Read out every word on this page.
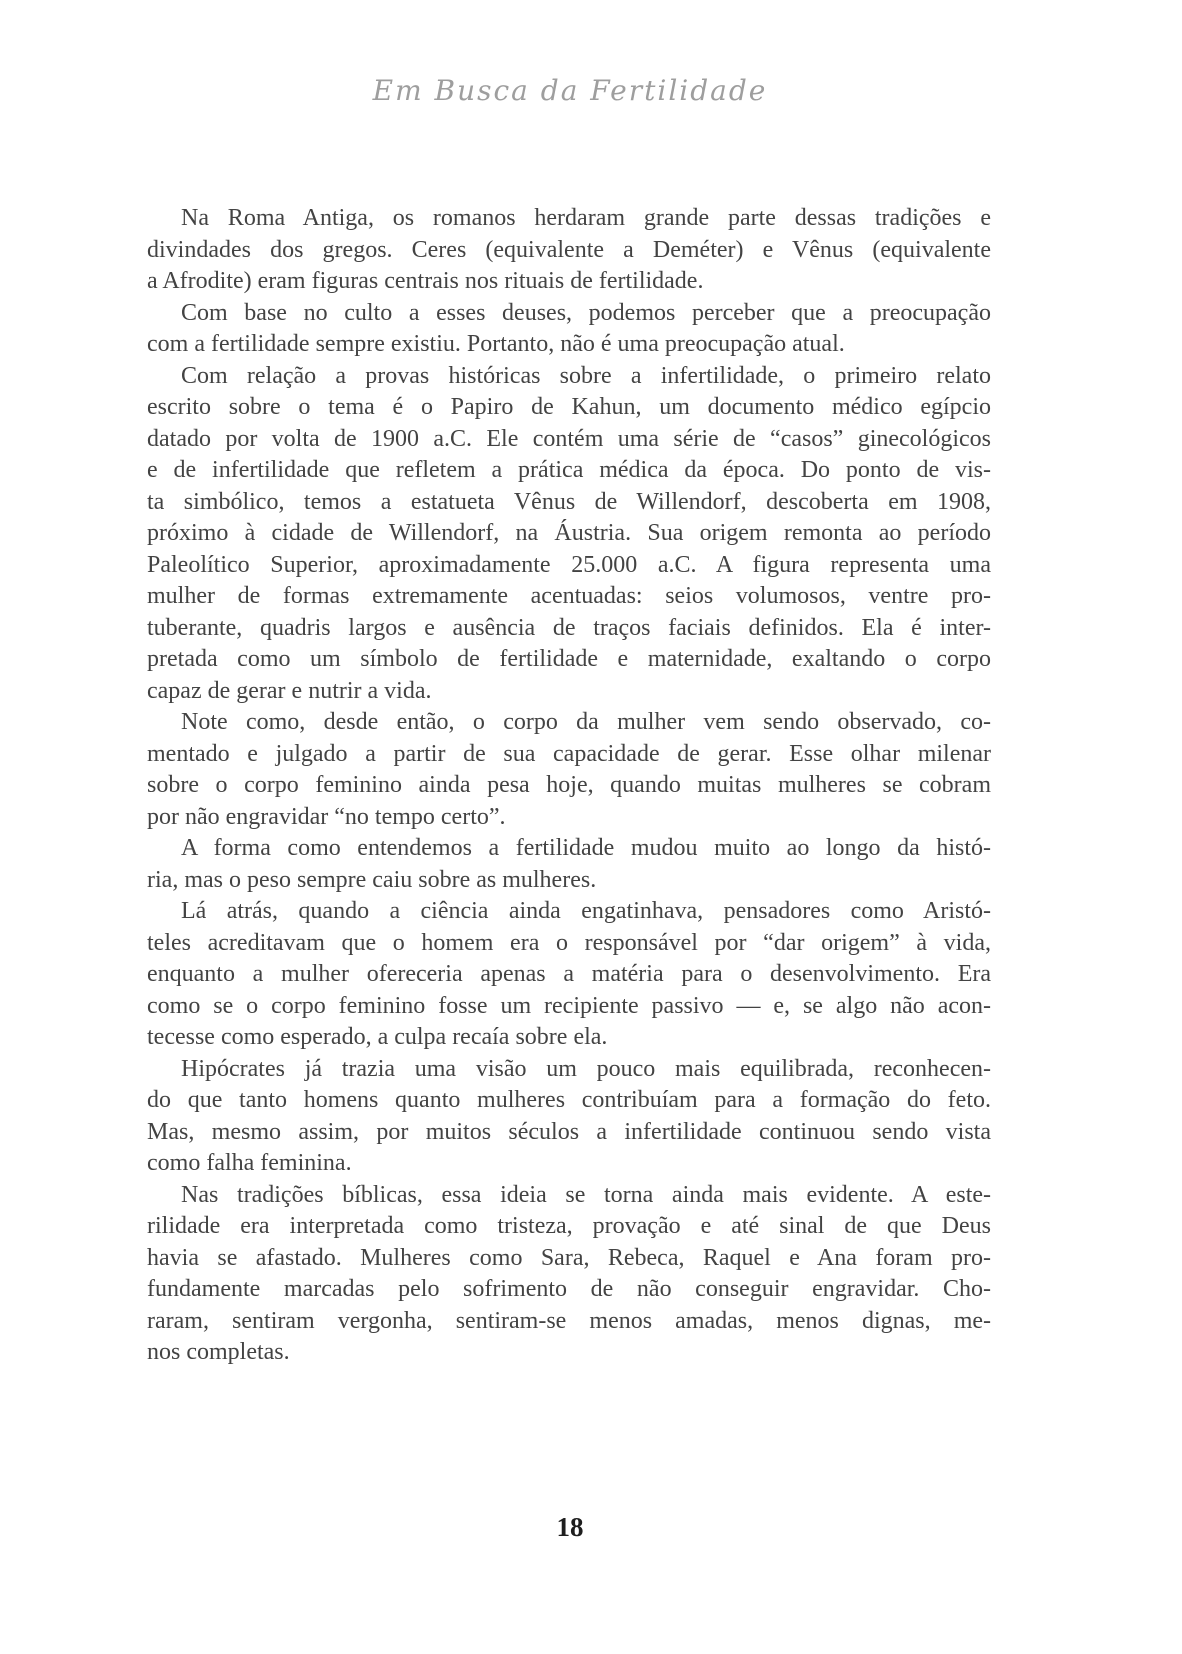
Em Busca da Fertilidade
Na Roma Antiga, os romanos herdaram grande parte dessas tradições e
divindades dos gregos. Ceres (equivalente a Deméter) e Vênus (equivalente
a Afrodite) eram figuras centrais nos rituais de fertilidade.
Com base no culto a esses deuses, podemos perceber que a preocupação
com a fertilidade sempre existiu. Portanto, não é uma preocupação atual.
Com relação a provas históricas sobre a infertilidade, o primeiro relato
escrito sobre o tema é o Papiro de Kahun, um documento médico egípcio
datado por volta de 1900 a.C. Ele contém uma série de “casos” ginecológicos
e de infertilidade que refletem a prática médica da época. Do ponto de vis-
ta simbólico, temos a estatueta Vênus de Willendorf, descoberta em 1908,
próximo à cidade de Willendorf, na Áustria. Sua origem remonta ao período
Paleolítico Superior, aproximadamente 25.000 a.C. A figura representa uma
mulher de formas extremamente acentuadas: seios volumosos, ventre pro-
tuberante, quadris largos e ausência de traços faciais definidos. Ela é inter-
pretada como um símbolo de fertilidade e maternidade, exaltando o corpo
capaz de gerar e nutrir a vida.
Note como, desde então, o corpo da mulher vem sendo observado, co-
mentado e julgado a partir de sua capacidade de gerar. Esse olhar milenar
sobre o corpo feminino ainda pesa hoje, quando muitas mulheres se cobram
por não engravidar “no tempo certo”.
A forma como entendemos a fertilidade mudou muito ao longo da histó-
ria, mas o peso sempre caiu sobre as mulheres.
Lá atrás, quando a ciência ainda engatinhava, pensadores como Aristó-
teles acreditavam que o homem era o responsável por “dar origem” à vida,
enquanto a mulher ofereceria apenas a matéria para o desenvolvimento. Era
como se o corpo feminino fosse um recipiente passivo — e, se algo não acon-
tecesse como esperado, a culpa recaía sobre ela.
Hipócrates já trazia uma visão um pouco mais equilibrada, reconhecen-
do que tanto homens quanto mulheres contribuíam para a formação do feto.
Mas, mesmo assim, por muitos séculos a infertilidade continuou sendo vista
como falha feminina.
Nas tradições bíblicas, essa ideia se torna ainda mais evidente. A este-
rilidade era interpretada como tristeza, provação e até sinal de que Deus
havia se afastado. Mulheres como Sara, Rebeca, Raquel e Ana foram pro-
fundamente marcadas pelo sofrimento de não conseguir engravidar. Cho-
raram, sentiram vergonha, sentiram-se menos amadas, menos dignas, me-
nos completas.
18
